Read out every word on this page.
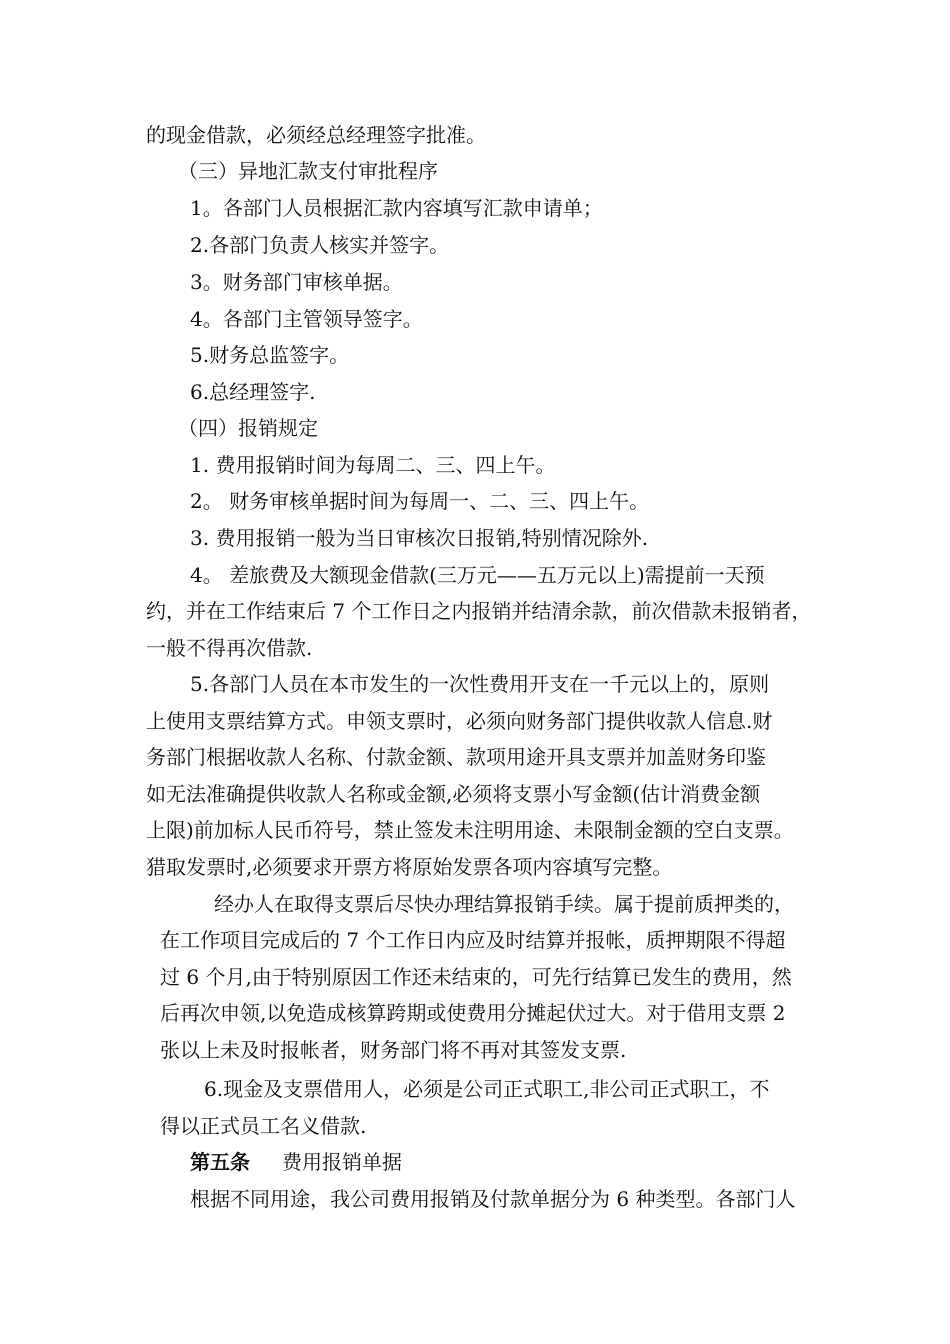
的现金借款，必须经总经理签字批准。
（三）异地汇款支付审批程序
1。各部门人员根据汇款内容填写汇款申请单；
2.各部门负责人核实并签字。
3。财务部门审核单据。
4。各部门主管领导签字。
5.财务总监签字。
6.总经理签字.
（四）报销规定
1. 费用报销时间为每周二、三、四上午。
2。 财务审核单据时间为每周一、二、三、四上午。
3. 费用报销一般为当日审核次日报销,特别情况除外.
4。 差旅费及大额现金借款(三万元——五万元以上)需提前一天预
约，并在工作结束后 7 个工作日之内报销并结清余款，前次借款未报销者，
一般不得再次借款.
5.各部门人员在本市发生的一次性费用开支在一千元以上的，原则
上使用支票结算方式。申领支票时，必须向财务部门提供收款人信息.财
务部门根据收款人名称、付款金额、款项用途开具支票并加盖财务印鉴
如无法准确提供收款人名称或金额,必须将支票小写金额(估计消费金额
上限)前加标人民币符号，禁止签发未注明用途、未限制金额的空白支票。
猎取发票时,必须要求开票方将原始发票各项内容填写完整。
经办人在取得支票后尽快办理结算报销手续。属于提前质押类的，
在工作项目完成后的 7 个工作日内应及时结算并报帐，质押期限不得超
过 6 个月,由于特别原因工作还未结束的，可先行结算已发生的费用，然
后再次申领,以免造成核算跨期或使费用分摊起伏过大。对于借用支票 2
张以上未及时报帐者，财务部门将不再对其签发支票.
6.现金及支票借用人，必须是公司正式职工,非公司正式职工，不
得以正式员工名义借款.
第五条 费用报销单据
根据不同用途，我公司费用报销及付款单据分为 6 种类型。各部门人
